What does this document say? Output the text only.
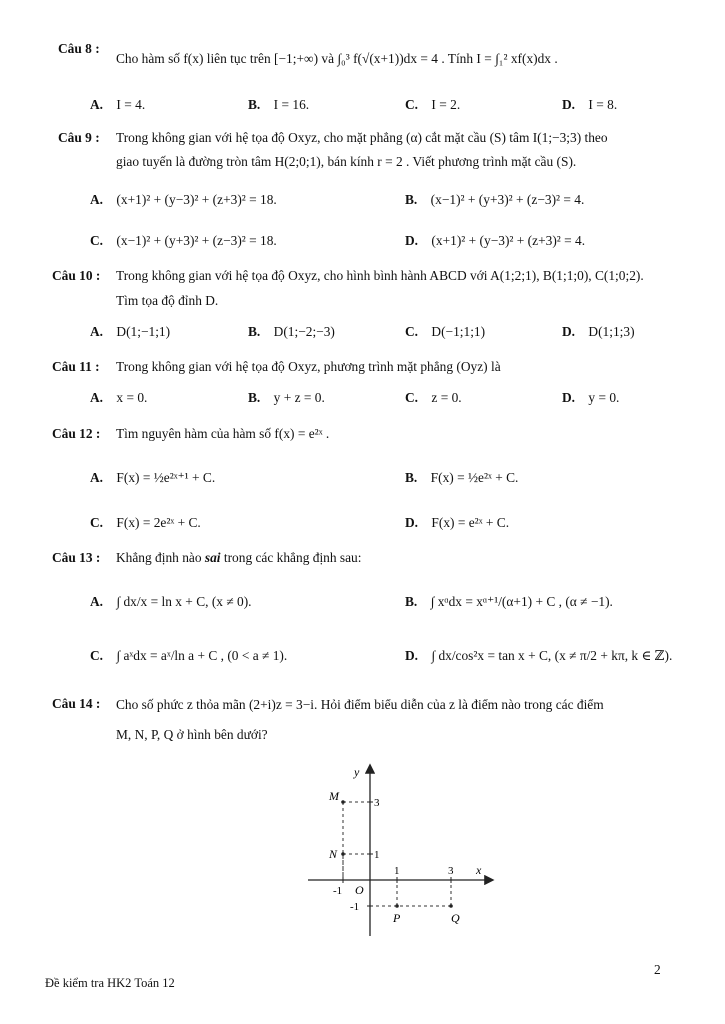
Câu 8 :
Cho hàm số f(x) liên tục trên [−1;+∞) và ∫₀³ f(√(x+1))dx = 4 . Tính I = ∫₁² xf(x)dx .
A. I = 4.	B. I = 16.	C. I = 2.	D. I = 8.
Câu 9 : Trong không gian với hệ tọa độ Oxyz, cho mặt phẳng (α) cắt mặt cầu (S) tâm I(1;−3;3) theo
giao tuyến là đường tròn tâm H(2;0;1), bán kính r = 2 . Viết phương trình mặt cầu (S).
A. (x+1)² + (y−3)² + (z+3)² = 18.	B. (x−1)² + (y+3)² + (z−3)² = 4.
C. (x−1)² + (y+3)² + (z−3)² = 18.	D. (x+1)² + (y−3)² + (z+3)² = 4.
Câu 10 : Trong không gian với hệ tọa độ Oxyz, cho hình bình hành ABCD với A(1;2;1), B(1;1;0), C(1;0;2).
Tìm tọa độ đỉnh D.
A. D(1;−1;1)	B. D(1;−2;−3)	C. D(−1;1;1)	D. D(1;1;3)
Câu 11 : Trong không gian với hệ tọa độ Oxyz, phương trình mặt phẳng (Oyz) là
A. x = 0.	B. y + z = 0.	C. z = 0.	D. y = 0.
Câu 12 : Tìm nguyên hàm của hàm số f(x) = e²ˣ .
A. F(x) = ½e²ˣ⁺¹ + C.	B. F(x) = ½e²ˣ + C.
C. F(x) = 2e²ˣ + C.	D. F(x) = e²ˣ + C.
Câu 13 : Khẳng định nào sai trong các khẳng định sau:
A. ∫ dx/x = ln x + C, (x ≠ 0).	B. ∫ xᵅdx = xᵅ⁺¹/(α+1) + C , (α ≠ −1).
C. ∫ aˣdx = aˣ/ln a + C , (0 < a ≠ 1).	D. ∫ dx/cos²x = tan x + C, (x ≠ π/2 + kπ, k ∈ ℤ).
Câu 14 : Cho số phức z thỏa mãn (2+i)z = 3−i. Hỏi điểm biểu diễn của z là điểm nào trong các điểm
M, N, P, Q ở hình bên dưới?
M
N
P	Q
-1
1	3
3
1
-1
x
y
O
2
Đề kiểm tra HK2 Toán 12
